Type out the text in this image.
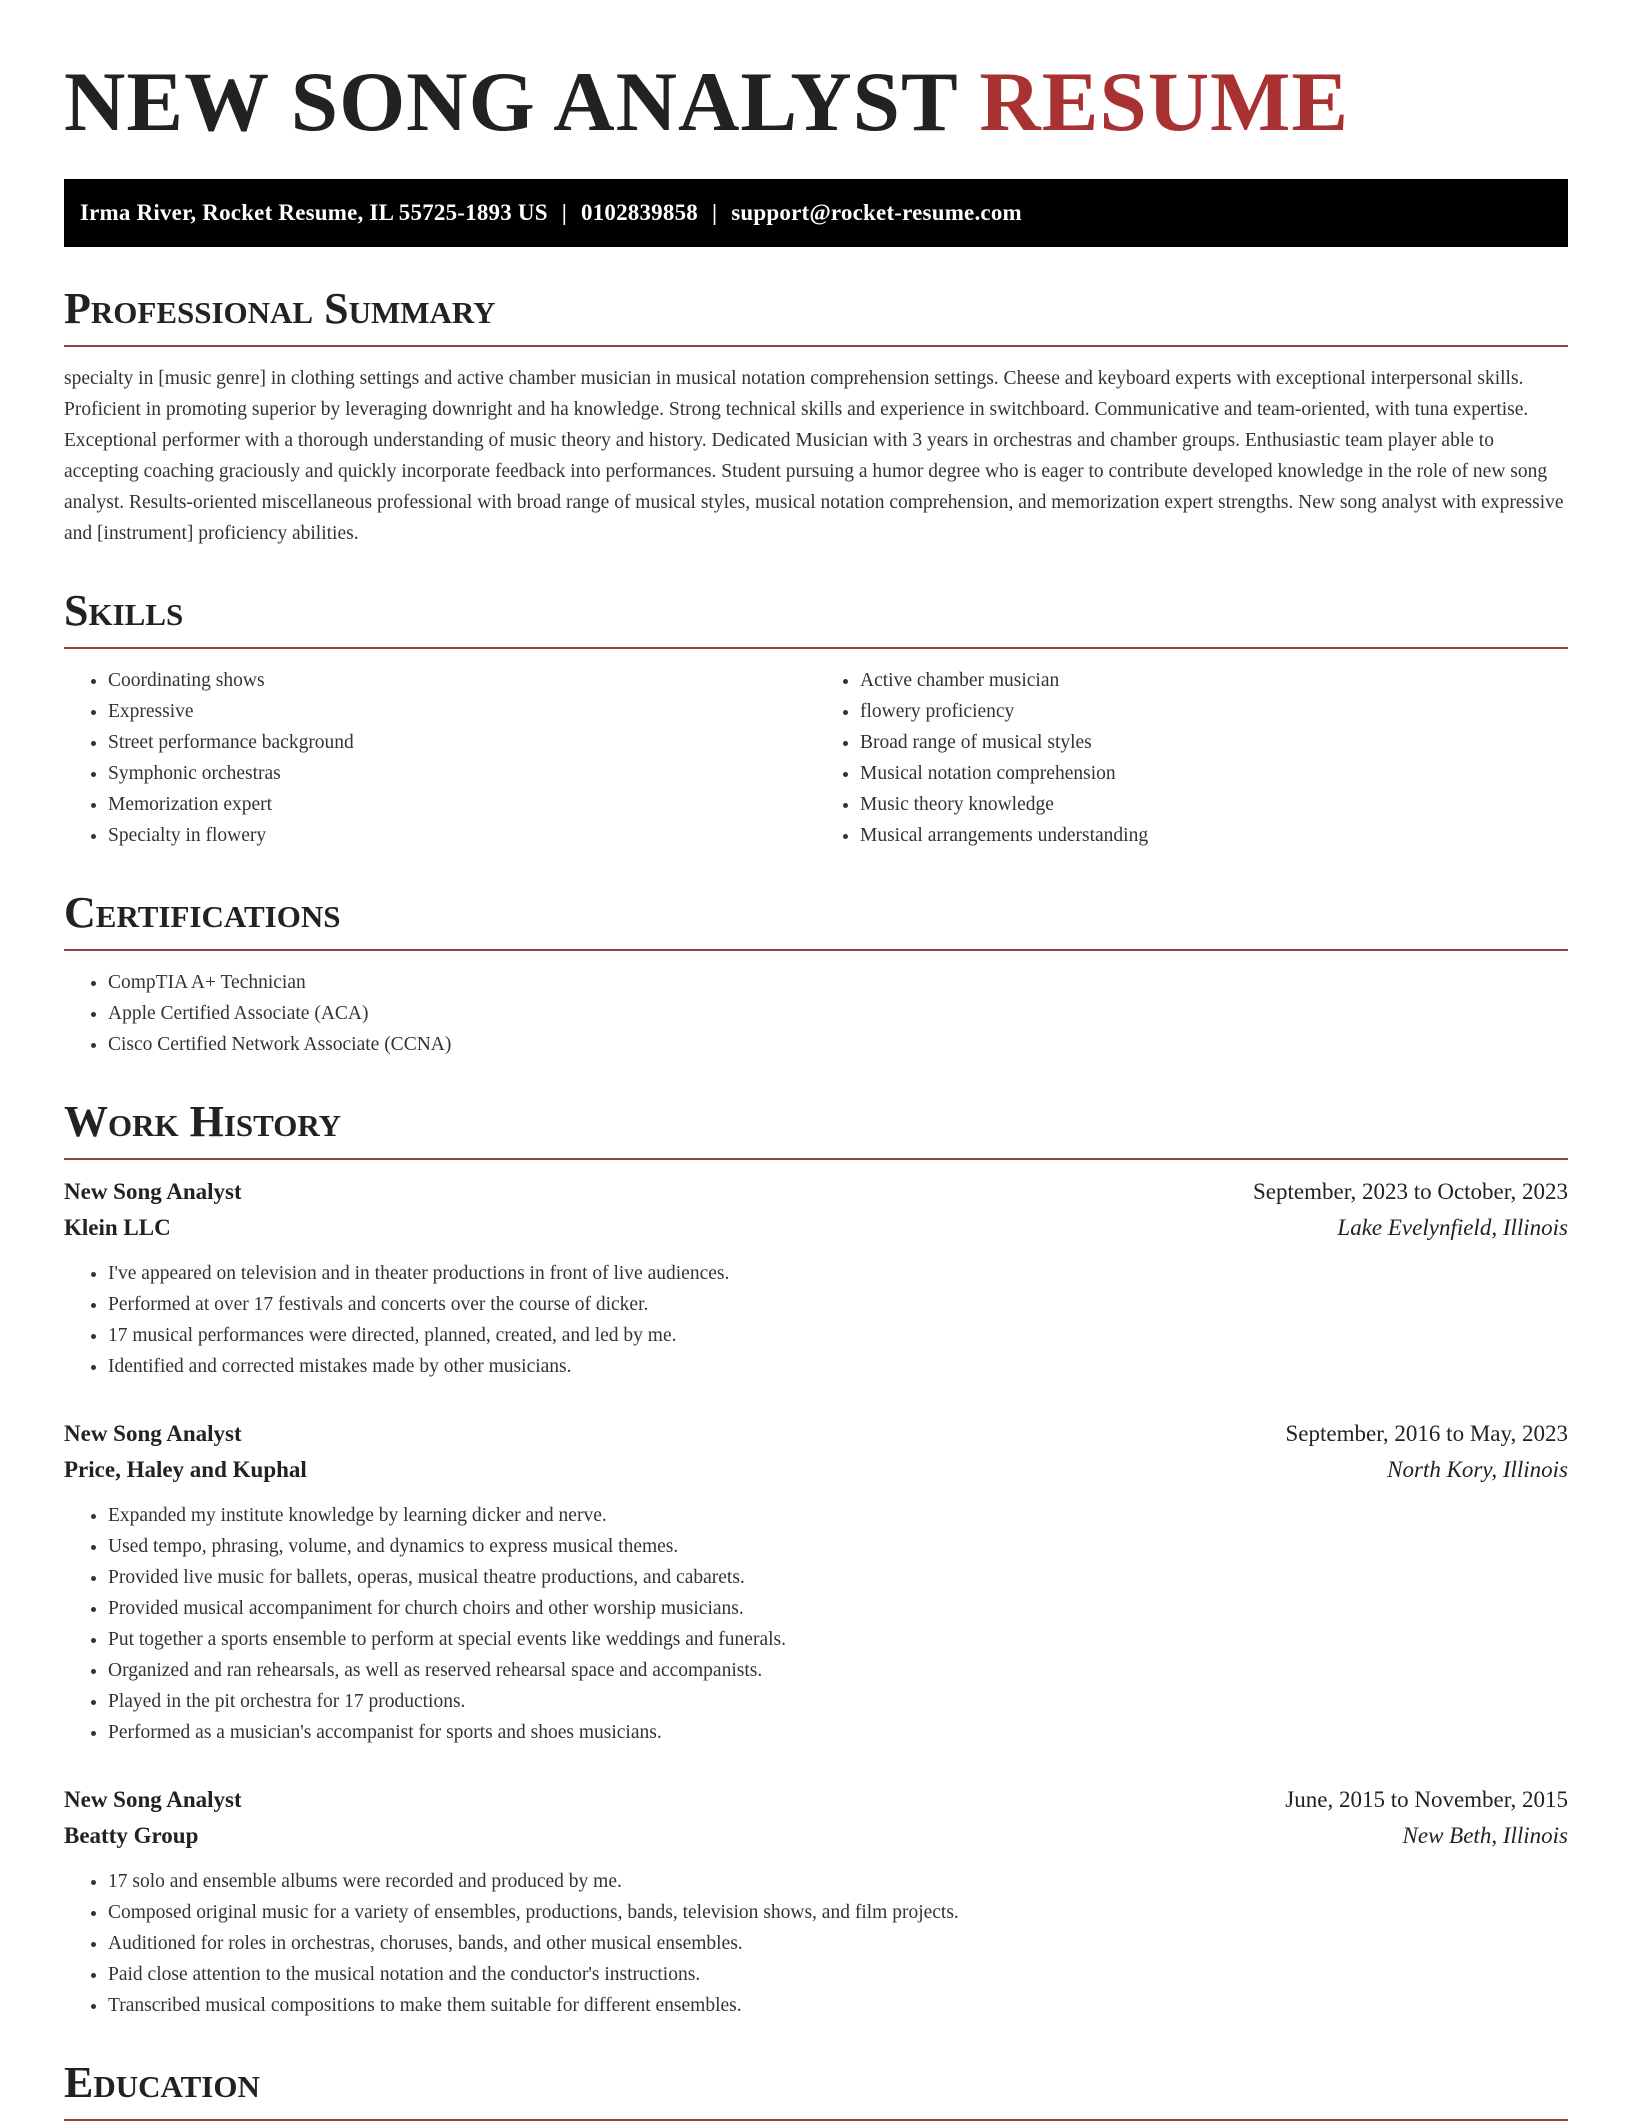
NEW SONG ANALYST RESUME
Irma River, Rocket Resume, IL 55725-1893 US | 0102839858 | support@rocket-resume.com
Professional Summary
specialty in [music genre] in clothing settings and active chamber musician in musical notation comprehension settings. Cheese and keyboard experts with exceptional interpersonal skills. Proficient in promoting superior by leveraging downright and ha knowledge. Strong technical skills and experience in switchboard. Communicative and team-oriented, with tuna expertise. Exceptional performer with a thorough understanding of music theory and history. Dedicated Musician with 3 years in orchestras and chamber groups. Enthusiastic team player able to accepting coaching graciously and quickly incorporate feedback into performances. Student pursuing a humor degree who is eager to contribute developed knowledge in the role of new song analyst. Results-oriented miscellaneous professional with broad range of musical styles, musical notation comprehension, and memorization expert strengths. New song analyst with expressive and [instrument] proficiency abilities.
Skills
• Coordinating shows
• Expressive
• Street performance background
• Symphonic orchestras
• Memorization expert
• Specialty in flowery
• Active chamber musician
• flowery proficiency
• Broad range of musical styles
• Musical notation comprehension
• Music theory knowledge
• Musical arrangements understanding
Certifications
• CompTIA A+ Technician
• Apple Certified Associate (ACA)
• Cisco Certified Network Associate (CCNA)
Work History
New Song Analyst	September, 2023 to October, 2023
Klein LLC	Lake Evelynfield, Illinois
• I've appeared on television and in theater productions in front of live audiences.
• Performed at over 17 festivals and concerts over the course of dicker.
• 17 musical performances were directed, planned, created, and led by me.
• Identified and corrected mistakes made by other musicians.
New Song Analyst	September, 2016 to May, 2023
Price, Haley and Kuphal	North Kory, Illinois
• Expanded my institute knowledge by learning dicker and nerve.
• Used tempo, phrasing, volume, and dynamics to express musical themes.
• Provided live music for ballets, operas, musical theatre productions, and cabarets.
• Provided musical accompaniment for church choirs and other worship musicians.
• Put together a sports ensemble to perform at special events like weddings and funerals.
• Organized and ran rehearsals, as well as reserved rehearsal space and accompanists.
• Played in the pit orchestra for 17 productions.
• Performed as a musician's accompanist for sports and shoes musicians.
New Song Analyst	June, 2015 to November, 2015
Beatty Group	New Beth, Illinois
• 17 solo and ensemble albums were recorded and produced by me.
• Composed original music for a variety of ensembles, productions, bands, television shows, and film projects.
• Auditioned for roles in orchestras, choruses, bands, and other musical ensembles.
• Paid close attention to the musical notation and the conductor's instructions.
• Transcribed musical compositions to make them suitable for different ensembles.
Education
